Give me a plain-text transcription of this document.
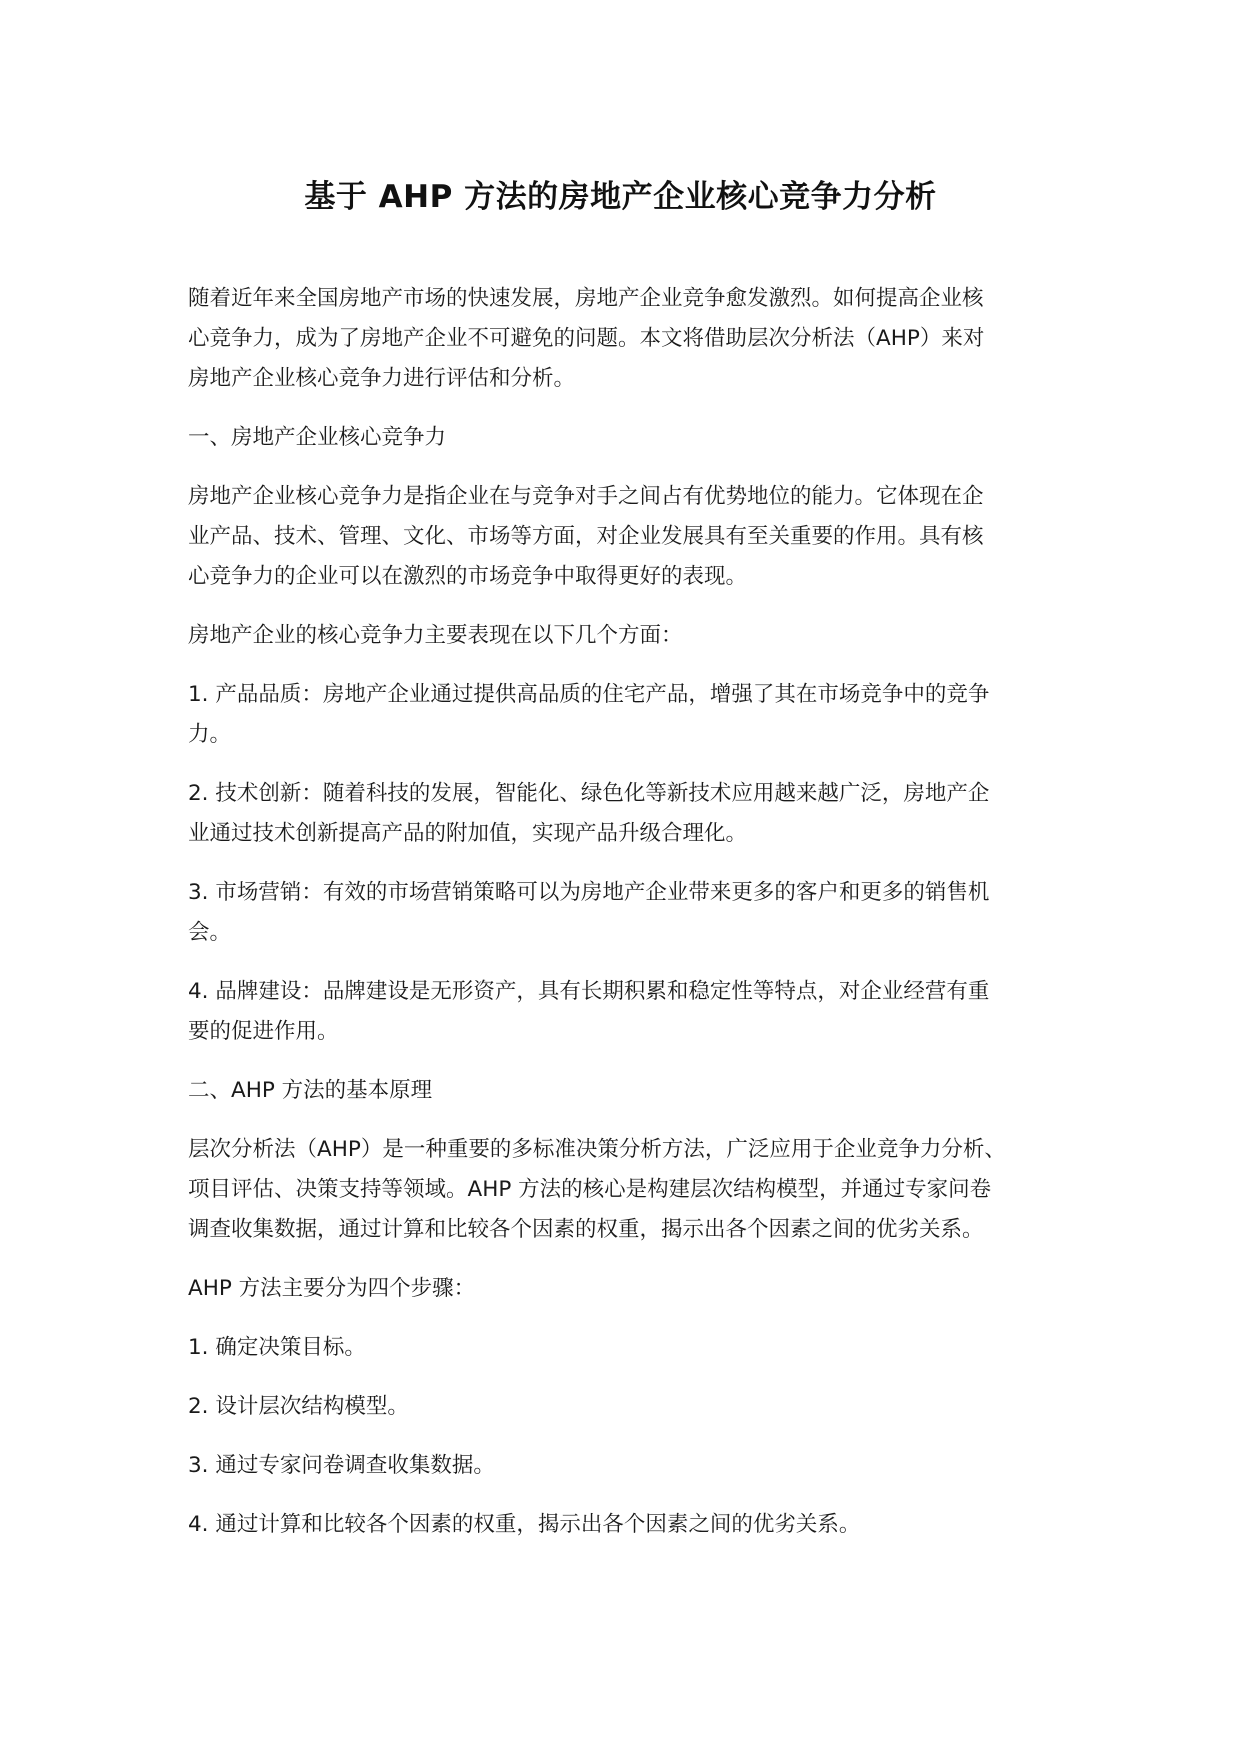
基于 AHP 方法的房地产企业核心竞争力分析

随着近年来全国房地产市场的快速发展，房地产企业竞争愈发激烈。如何提高企业核
心竞争力，成为了房地产企业不可避免的问题。本文将借助层次分析法（AHP）来对
房地产企业核心竞争力进行评估和分析。

一、房地产企业核心竞争力

房地产企业核心竞争力是指企业在与竞争对手之间占有优势地位的能力。它体现在企
业产品、技术、管理、文化、市场等方面，对企业发展具有至关重要的作用。具有核
心竞争力的企业可以在激烈的市场竞争中取得更好的表现。

房地产企业的核心竞争力主要表现在以下几个方面：

1. 产品品质：房地产企业通过提供高品质的住宅产品，增强了其在市场竞争中的竞争
力。

2. 技术创新：随着科技的发展，智能化、绿色化等新技术应用越来越广泛，房地产企
业通过技术创新提高产品的附加值，实现产品升级合理化。

3. 市场营销：有效的市场营销策略可以为房地产企业带来更多的客户和更多的销售机
会。

4. 品牌建设：品牌建设是无形资产，具有长期积累和稳定性等特点，对企业经营有重
要的促进作用。

二、AHP 方法的基本原理

层次分析法（AHP）是一种重要的多标准决策分析方法，广泛应用于企业竞争力分析、
项目评估、决策支持等领域。AHP 方法的核心是构建层次结构模型，并通过专家问卷
调查收集数据，通过计算和比较各个因素的权重，揭示出各个因素之间的优劣关系。

AHP 方法主要分为四个步骤：

1. 确定决策目标。

2. 设计层次结构模型。

3. 通过专家问卷调查收集数据。

4. 通过计算和比较各个因素的权重，揭示出各个因素之间的优劣关系。
